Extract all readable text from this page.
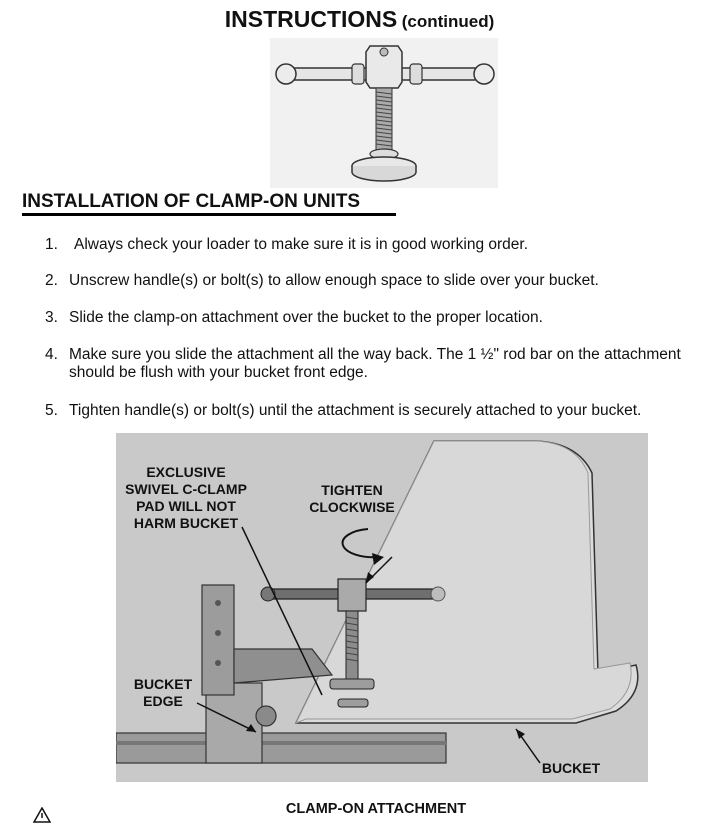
INSTRUCTIONS (continued)
INSTALLATION OF CLAMP-ON UNITS
1. Always check your loader to make sure it is in good working order.
2. Unscrew handle(s) or bolt(s) to allow enough space to slide over your bucket.
3. Slide the clamp-on attachment over the bucket to the proper location.
4. Make sure you slide the attachment all the way back. The 1 ½" rod bar on the attachment should be flush with your bucket front edge.
5. Tighten handle(s) or bolt(s) until the attachment is securely attached to your bucket.
EXCLUSIVE
SWIVEL C-CLAMP
PAD WILL NOT
HARM BUCKET
TIGHTEN
CLOCKWISE
BUCKET
EDGE
BUCKET
CLAMP-ON ATTACHMENT
